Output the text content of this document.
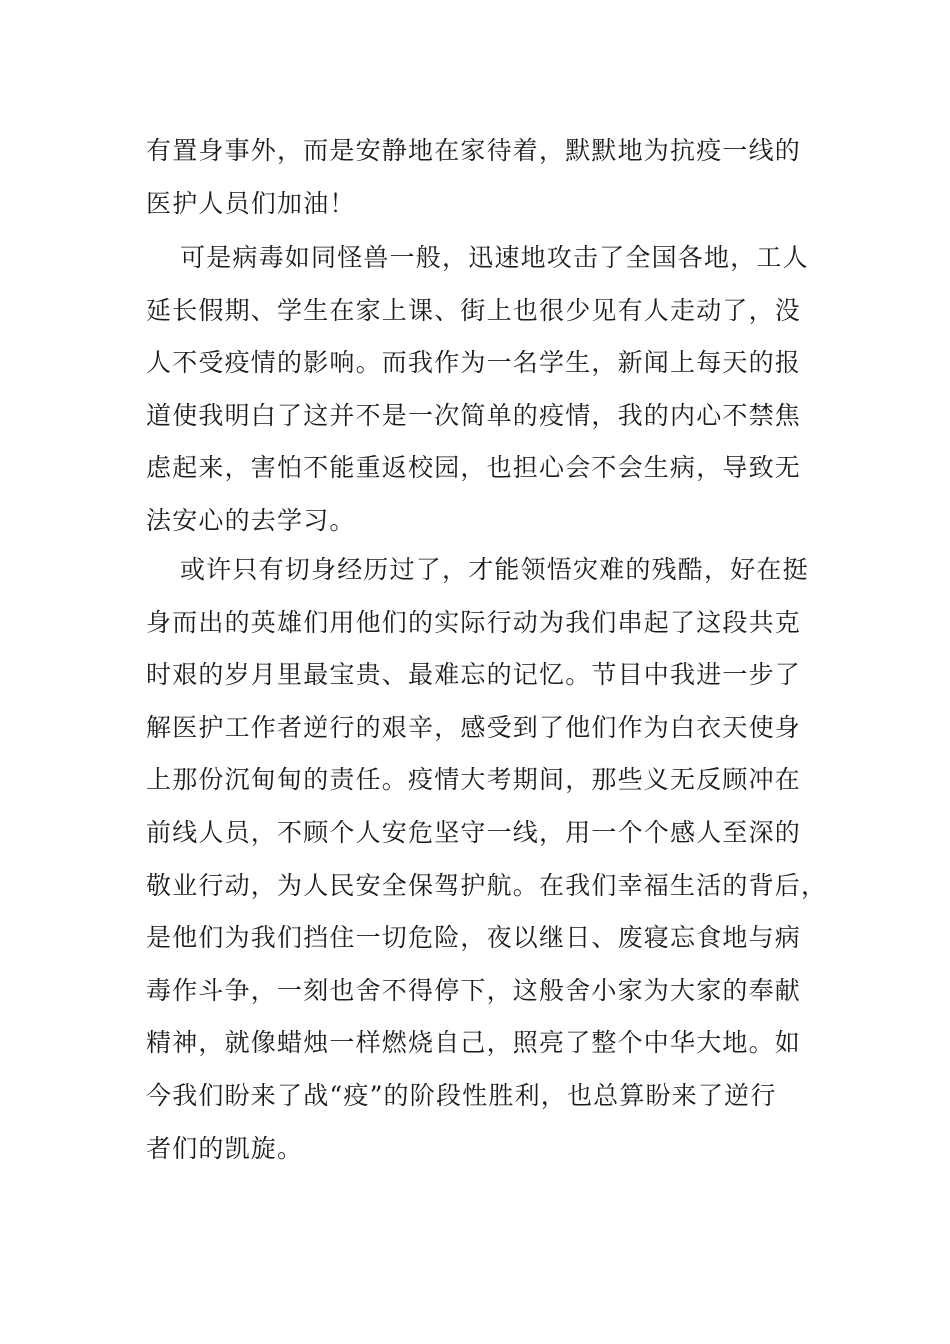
有置身事外，而是安静地在家待着，默默地为抗疫一线的
医护人员们加油！
可是病毒如同怪兽一般，迅速地攻击了全国各地，工人
延长假期、学生在家上课、街上也很少见有人走动了，没
人不受疫情的影响。而我作为一名学生，新闻上每天的报
道使我明白了这并不是一次简单的疫情，我的内心不禁焦
虑起来，害怕不能重返校园，也担心会不会生病，导致无
法安心的去学习。
或许只有切身经历过了，才能领悟灾难的残酷，好在挺
身而出的英雄们用他们的实际行动为我们串起了这段共克
时艰的岁月里最宝贵、最难忘的记忆。节目中我进一步了
解医护工作者逆行的艰辛，感受到了他们作为白衣天使身
上那份沉甸甸的责任。疫情大考期间，那些义无反顾冲在
前线人员，不顾个人安危坚守一线，用一个个感人至深的
敬业行动，为人民安全保驾护航。在我们幸福生活的背后，
是他们为我们挡住一切危险，夜以继日、废寝忘食地与病
毒作斗争，一刻也舍不得停下，这般舍小家为大家的奉献
精神，就像蜡烛一样燃烧自己，照亮了整个中华大地。如
今我们盼来了战“疫”的阶段性胜利，也总算盼来了逆行
者们的凯旋。
